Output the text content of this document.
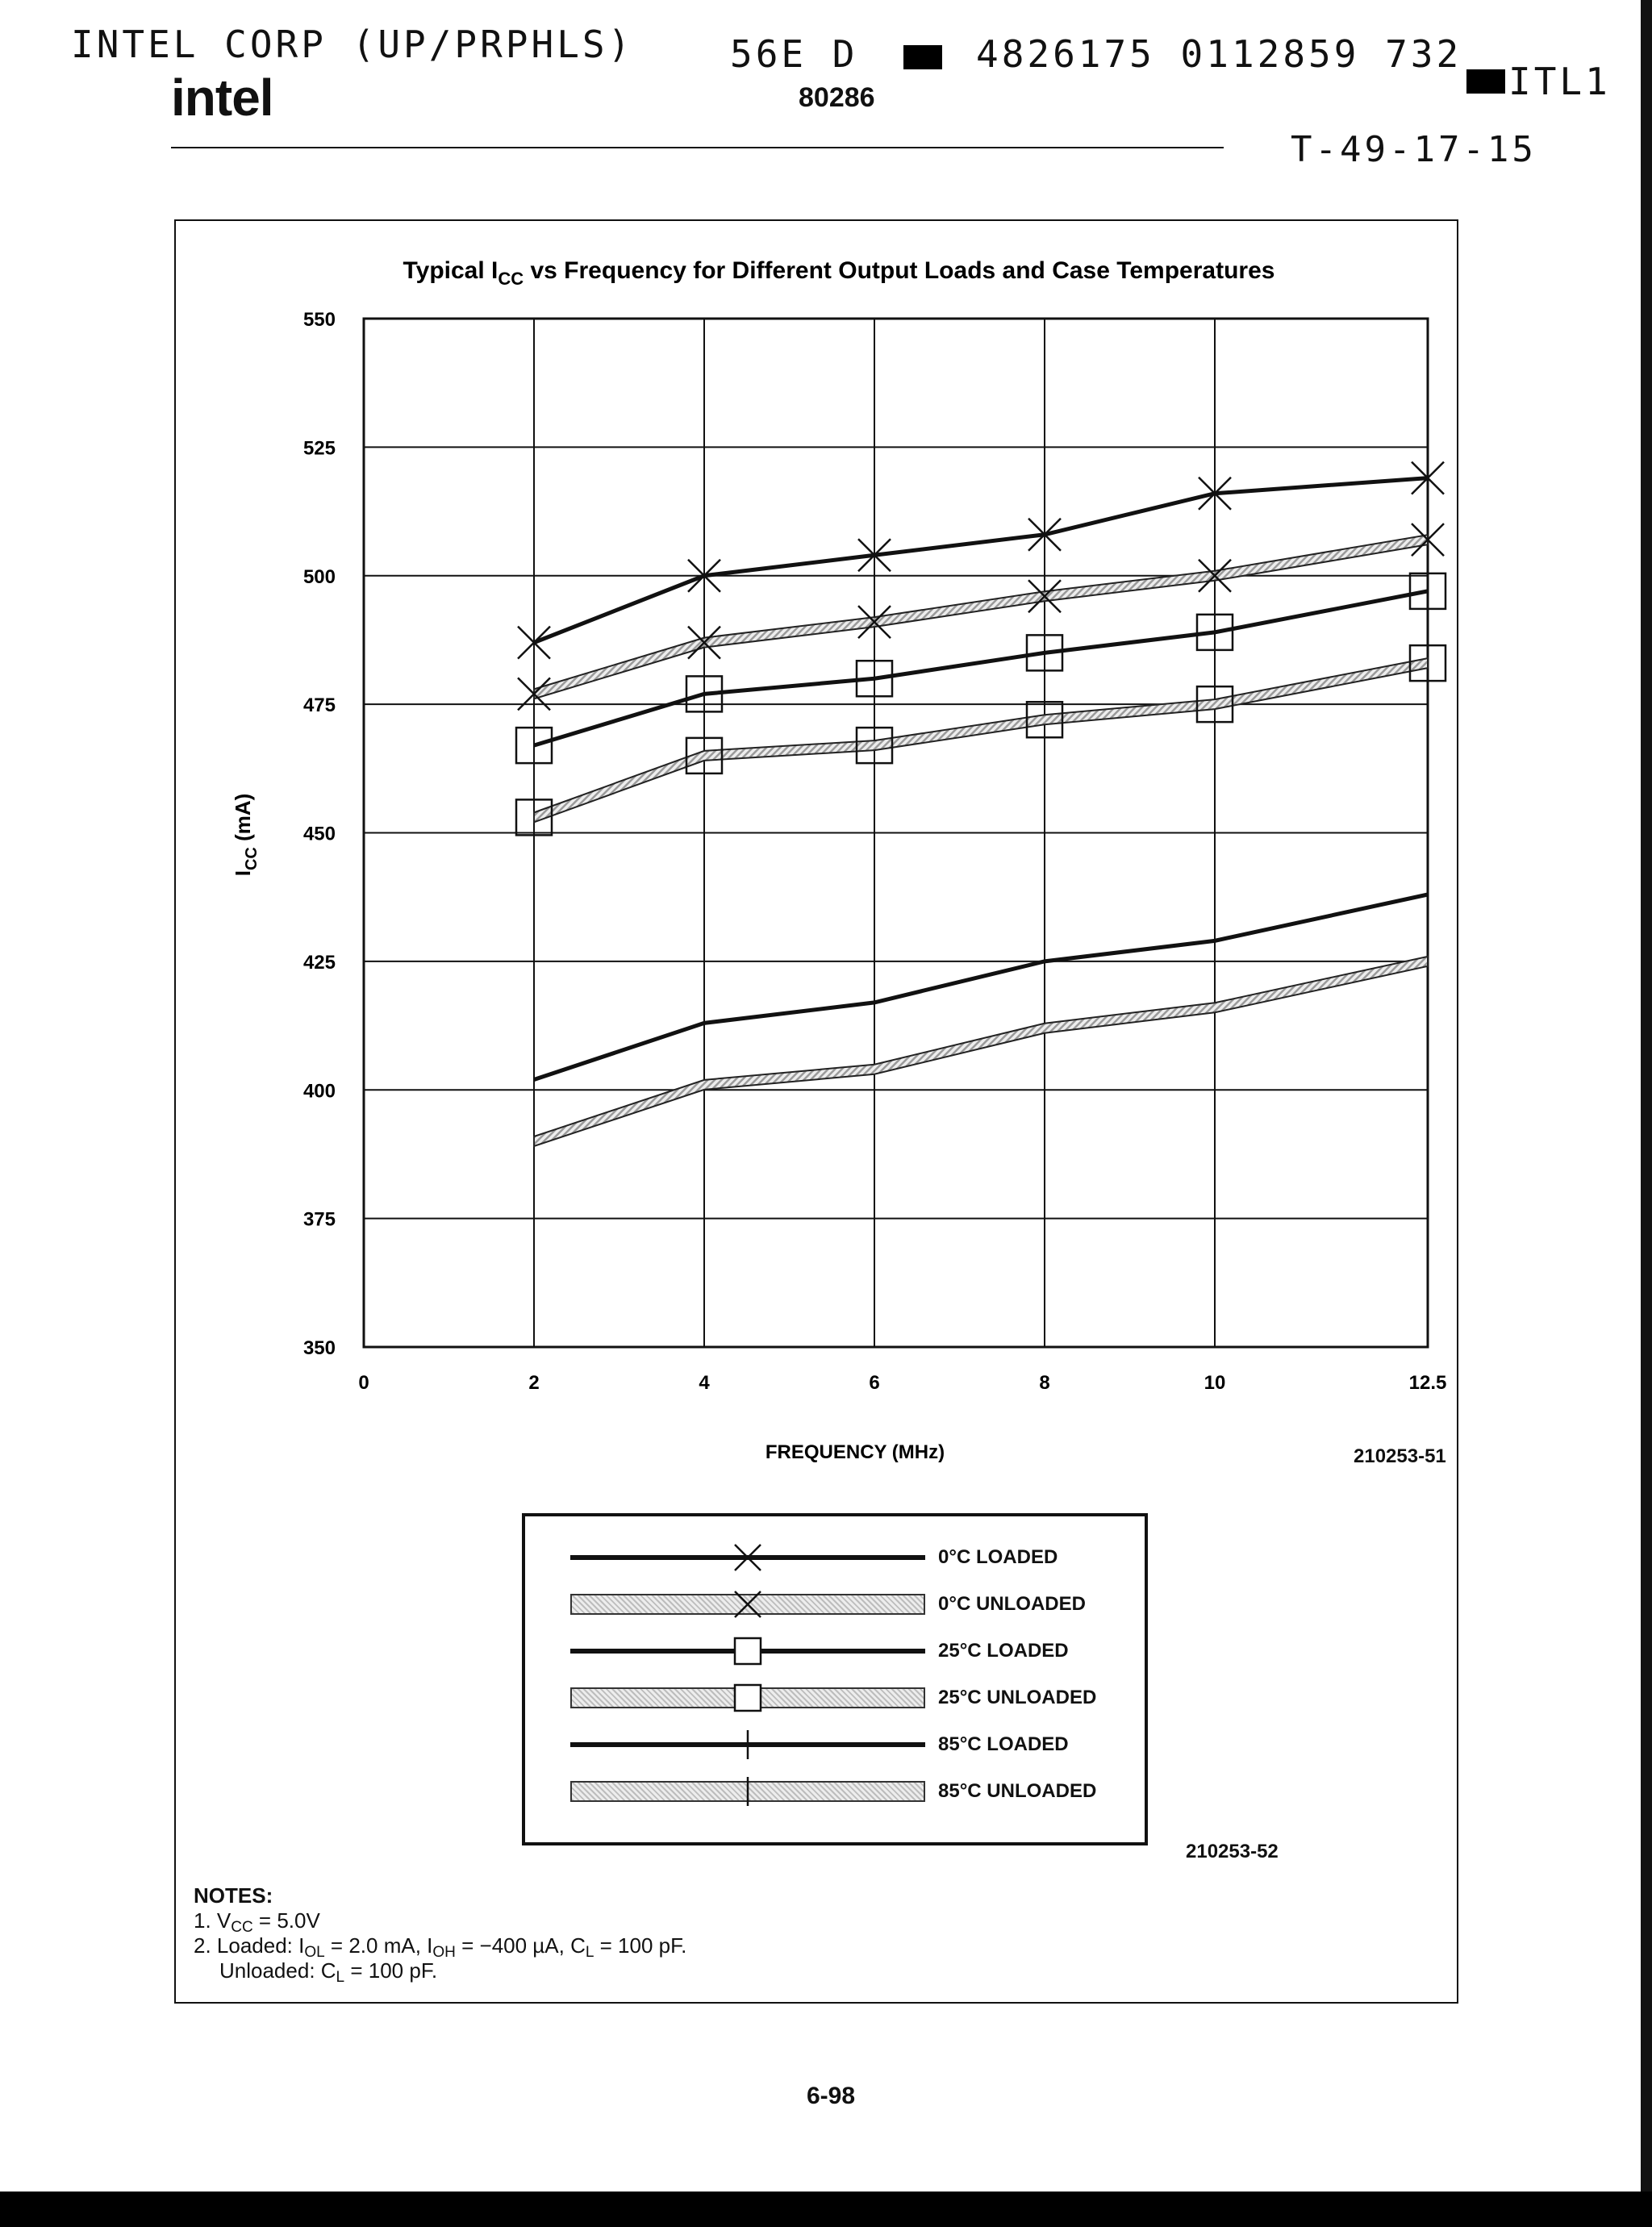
INTEL CORP (UP/PRPHLS)	56E D	4826175 0112859 732
ITL1
T-49-17-15
intel	80286
Typical $I_{CC}$ vs Frequency for Different Output Loads and Case Temperatures
350
375
400
425
450
475
500
525
550
0	2	4	6	8	10	12.5
$I_{CC}$ (mA)
FREQUENCY (MHz)	210253-51
0°C LOADED
0°C UNLOADED
25°C LOADED
25°C UNLOADED
85°C LOADED
85°C UNLOADED
210253-52
NOTES:
1. $V_{CC} = 5.0V$
2. Loaded: $I_{OL} = 2.0$ mA, $I_{OH} = -400$ µA, $C_L = 100$ pF.
Unloaded: $C_L = 100$ pF.
6-98
